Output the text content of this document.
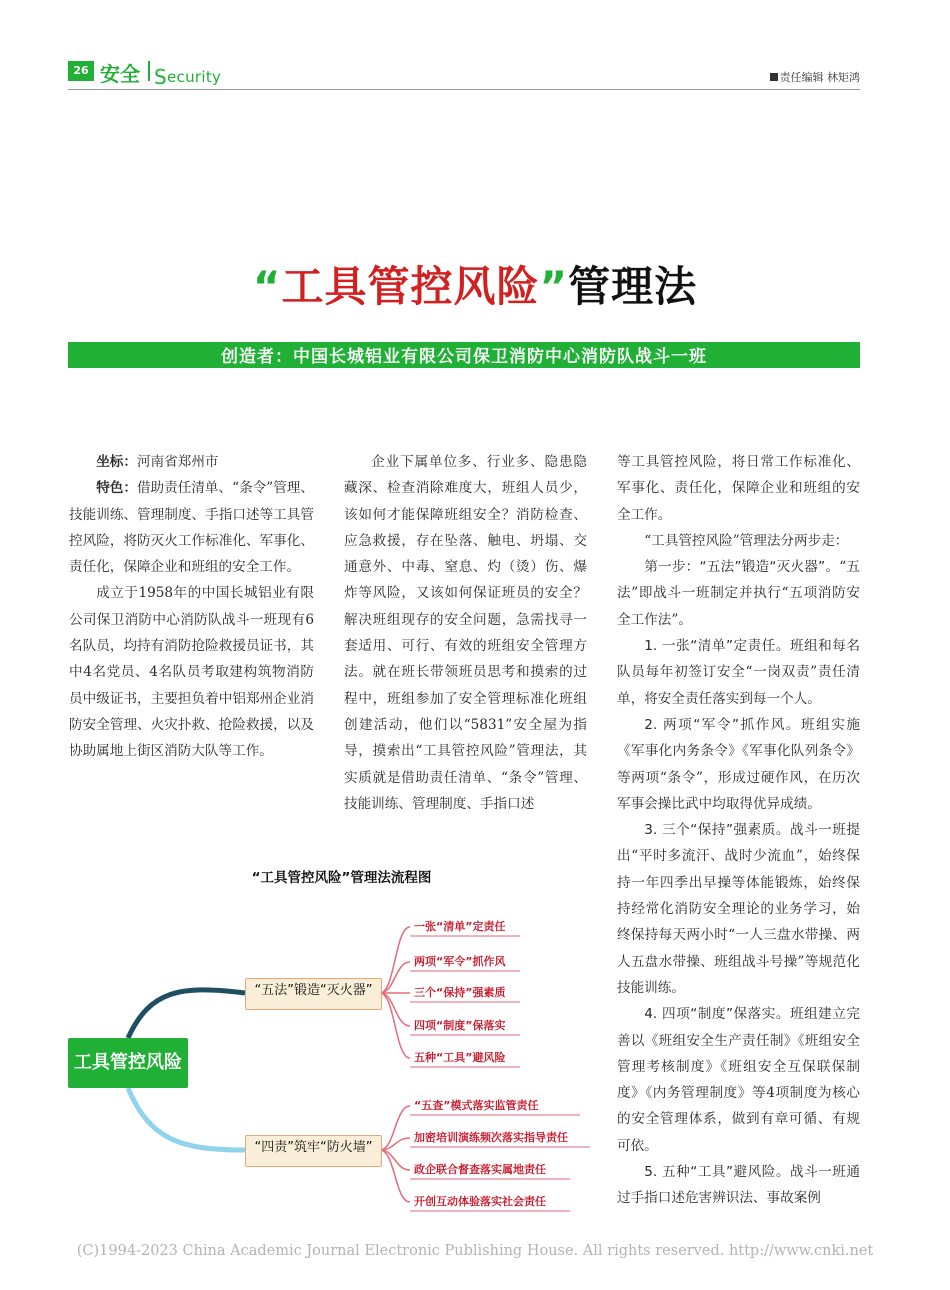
26 安全 Security	责任编辑 林矩鸿
“工具管控风险”管理法
创造者：中国长城铝业有限公司保卫消防中心消防队战斗一班

坐标：河南省郑州市

特色：借助责任清单、“条令”管理、技能训练、管理制度、手指口述等工具管控风险，将防灭火工作标准化、军事化、责任化，保障企业和班组的安全工作。

成立于1958年的中国长城铝业有限公司保卫消防中心消防队战斗一班现有6名队员，均持有消防抢险救援员证书，其中4名党员、4名队员考取建构筑物消防员中级证书，主要担负着中铝郑州企业消防安全管理、火灾扑救、抢险救援，以及协助属地上街区消防大队等工作。

企业下属单位多、行业多、隐患隐藏深、检查消除难度大，班组人员少，该如何才能保障班组安全？消防检查、应急救援，存在坠落、触电、坍塌、交通意外、中毒、窒息、灼（烫）伤、爆炸等风险，又该如何保证班员的安全？解决班组现存的安全问题，急需找寻一套适用、可行、有效的班组安全管理方法。就在班长带领班员思考和摸索的过程中，班组参加了安全管理标准化班组创建活动，他们以“5831”安全屋为指导，摸索出“工具管控风险”管理法，其实质就是借助责任清单、“条令”管理、技能训练、管理制度、手指口述

等工具管控风险，将日常工作标准化、军事化、责任化，保障企业和班组的安全工作。

“工具管控风险”管理法分两步走：

第一步：“五法”锻造“灭火器”。“五法”即战斗一班制定并执行“五项消防安全工作法”。

1. 一张“清单”定责任。班组和每名队员每年初签订安全“一岗双责”责任清单，将安全责任落实到每一个人。

2. 两项“军令”抓作风。班组实施《军事化内务条令》《军事化队列条令》等两项“条令”，形成过硬作风，在历次军事会操比武中均取得优异成绩。

3. 三个“保持”强素质。战斗一班提出“平时多流汗、战时少流血”，始终保持一年四季出早操等体能锻炼，始终保持经常化消防安全理论的业务学习，始终保持每天两小时“一人三盘水带操、两人五盘水带操、班组战斗号操”等规范化技能训练。

4. 四项“制度”保落实。班组建立完善以《班组安全生产责任制》《班组安全管理考核制度》《班组安全互保联保制度》《内务管理制度》等4项制度为核心的安全管理体系，做到有章可循、有规可依。

5. 五种“工具”避风险。战斗一班通过手指口述危害辨识法、事故案例

“工具管控风险”管理法流程图
工具管控风险
“五法”锻造“灭火器”
“四责”筑牢“防火墙”
一张“清单”定责任
两项“军令”抓作风
三个“保持”强素质
四项“制度”保落实
五种“工具”避风险
“五查”模式落实监管责任
加密培训演练频次落实指导责任
政企联合督查落实属地责任
开创互动体验落实社会责任
(C)1994-2023 China Academic Journal Electronic Publishing House. All rights reserved. http://www.cnki.net
